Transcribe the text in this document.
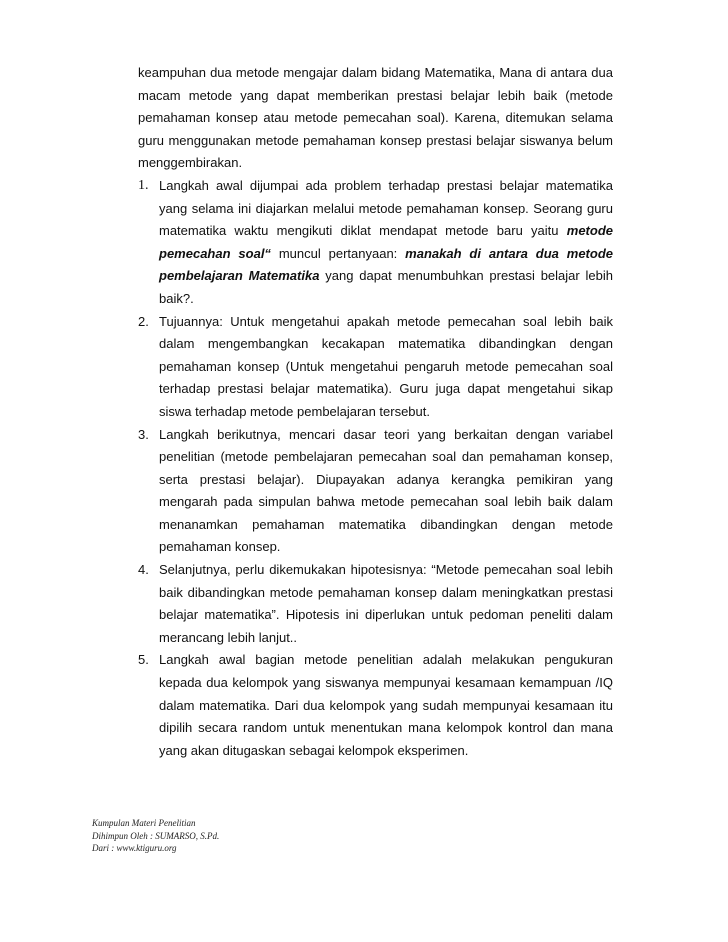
keampuhan dua metode mengajar dalam bidang Matematika, Mana di antara dua macam metode yang dapat memberikan prestasi belajar lebih baik (metode pemahaman konsep atau metode pemecahan soal). Karena, ditemukan selama guru menggunakan metode pemahaman konsep prestasi belajar siswanya belum menggembirakan.

1. Langkah awal dijumpai ada problem terhadap prestasi belajar matematika yang selama ini diajarkan melalui metode pemahaman konsep. Seorang guru matematika waktu mengikuti diklat mendapat metode baru yaitu metode pemecahan soal“ muncul pertanyaan: manakah di antara dua metode pembelajaran Matematika yang dapat menumbuhkan prestasi belajar lebih baik?.
2. Tujuannya: Untuk mengetahui apakah metode pemecahan soal lebih baik dalam mengembangkan kecakapan matematika dibandingkan dengan pemahaman konsep (Untuk mengetahui pengaruh metode pemecahan soal terhadap prestasi belajar matematika). Guru juga dapat mengetahui sikap siswa terhadap metode pembelajaran tersebut.
3. Langkah berikutnya, mencari dasar teori yang berkaitan dengan variabel penelitian (metode pembelajaran pemecahan soal dan pemahaman konsep, serta prestasi belajar). Diupayakan adanya kerangka pemikiran yang mengarah pada simpulan bahwa metode pemecahan soal lebih baik dalam menanamkan pemahaman matematika dibandingkan dengan metode pemahaman konsep.
4. Selanjutnya, perlu dikemukakan hipotesisnya: “Metode pemecahan soal lebih baik dibandingkan metode pemahaman konsep dalam meningkatkan prestasi belajar matematika”. Hipotesis ini diperlukan untuk pedoman peneliti dalam merancang lebih lanjut..
5. Langkah awal bagian metode penelitian adalah melakukan pengukuran kepada dua kelompok yang siswanya mempunyai kesamaan kemampuan /IQ dalam matematika. Dari dua kelompok yang sudah mempunyai kesamaan itu dipilih secara random untuk menentukan mana kelompok kontrol dan mana yang akan ditugaskan sebagai kelompok eksperimen.
Kumpulan Materi Penelitian
Dihimpun Oleh : SUMARSO, S.Pd.
Dari : www.ktiguru.org
